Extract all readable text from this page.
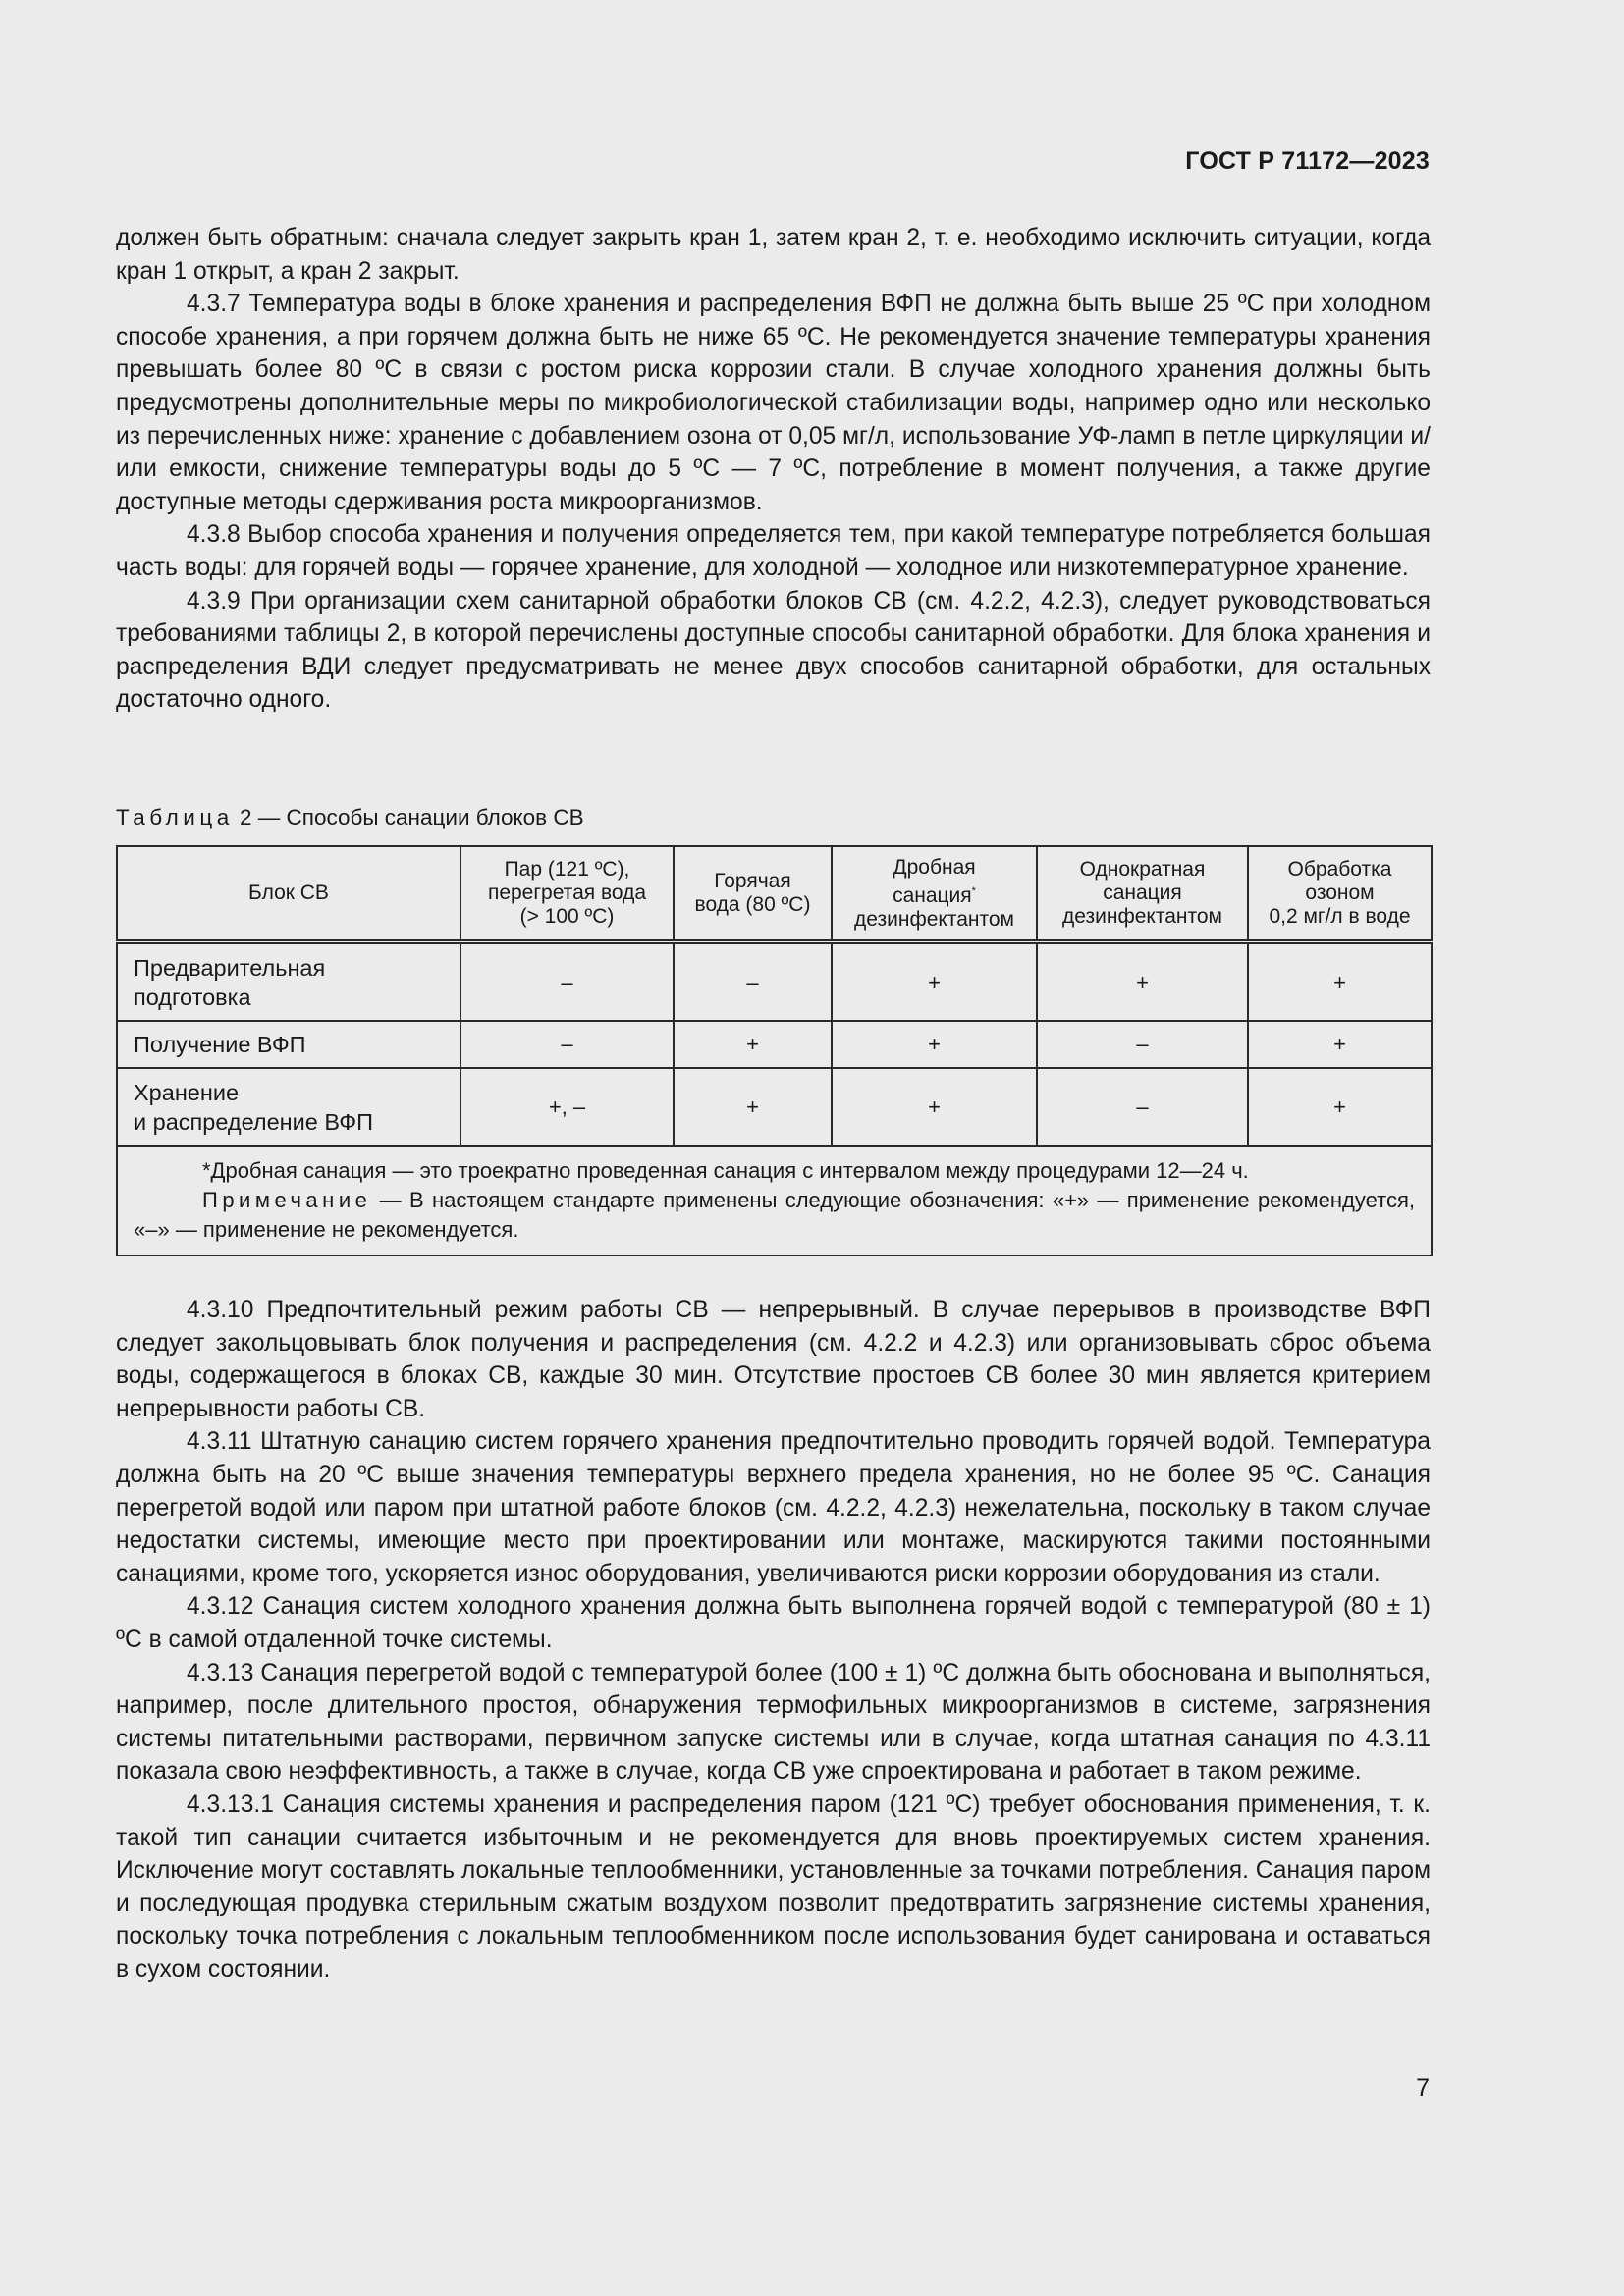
ГОСТ Р 71172—2023

должен быть обратным: сначала следует закрыть кран 1, затем кран 2, т. е. необходимо исключить ситуации, когда кран 1 открыт, а кран 2 закрыт.

4.3.7 Температура воды в блоке хранения и распределения ВФП не должна быть выше 25 ºС при холодном способе хранения, а при горячем должна быть не ниже 65 ºС. Не рекомендуется значение температуры хранения превышать более 80 ºС в связи с ростом риска коррозии стали. В случае холодного хранения должны быть предусмотрены дополнительные меры по микробиологической стабилизации воды, например одно или несколько из перечисленных ниже: хранение с добавлением озона от 0,05 мг/л, использование УФ-ламп в петле циркуляции и/или емкости, снижение температуры воды до 5 ºС — 7 ºС, потребление в момент получения, а также другие доступные методы сдерживания роста микроорганизмов.

4.3.8 Выбор способа хранения и получения определяется тем, при какой температуре потребляется большая часть воды: для горячей воды — горячее хранение, для холодной — холодное или низкотемпературное хранение.

4.3.9 При организации схем санитарной обработки блоков СВ (см. 4.2.2, 4.2.3), следует руководствоваться требованиями таблицы 2, в которой перечислены доступные способы санитарной обработки. Для блока хранения и распределения ВДИ следует предусматривать не менее двух способов санитарной обработки, для остальных достаточно одного.

Таблица 2 — Способы санации блоков СВ
Блок СВ	Пар (121 ºС),
перегретая вода
(> 100 ºС)	Горячая
вода (80 ºС)	Дробная
санация*
дезинфектантом	Однократная
санация
дезинфектантом	Обработка
озоном
0,2 мг/л в воде
Предварительная
подготовка	–	–	+	+	+
Получение ВФП	–	+	+	–	+
Хранение
и распределение ВФП	+, –	+	+	–	+

*Дробная санация — это троекратно проведенная санация с интервалом между процедурами 12—24 ч.

Примечание — В настоящем стандарте применены следующие обозначения: «+» — применение рекомендуется, «–» — применение не рекомендуется.					

4.3.10 Предпочтительный режим работы СВ — непрерывный. В случае перерывов в производстве ВФП следует закольцовывать блок получения и распределения (см. 4.2.2 и 4.2.3) или организовывать сброс объема воды, содержащегося в блоках СВ, каждые 30 мин. Отсутствие простоев СВ более 30 мин является критерием непрерывности работы СВ.

4.3.11 Штатную санацию систем горячего хранения предпочтительно проводить горячей водой. Температура должна быть на 20 ºС выше значения температуры верхнего предела хранения, но не более 95 ºС. Санация перегретой водой или паром при штатной работе блоков (см. 4.2.2, 4.2.3) нежелательна, поскольку в таком случае недостатки системы, имеющие место при проектировании или монтаже, маскируются такими постоянными санациями, кроме того, ускоряется износ оборудования, увеличиваются риски коррозии оборудования из стали.

4.3.12 Санация систем холодного хранения должна быть выполнена горячей водой с температурой (80 ± 1) ºС в самой отдаленной точке системы.

4.3.13 Санация перегретой водой с температурой более (100 ± 1) ºС должна быть обоснована и выполняться, например, после длительного простоя, обнаружения термофильных микроорганизмов в системе, загрязнения системы питательными растворами, первичном запуске системы или в случае, когда штатная санация по 4.3.11 показала свою неэффективность, а также в случае, когда СВ уже спроектирована и работает в таком режиме.

4.3.13.1 Санация системы хранения и распределения паром (121 ºС) требует обоснования применения, т. к. такой тип санации считается избыточным и не рекомендуется для вновь проектируемых систем хранения. Исключение могут составлять локальные теплообменники, установленные за точками потребления. Санация паром и последующая продувка стерильным сжатым воздухом позволит предотвратить загрязнение системы хранения, поскольку точка потребления с локальным теплообменником после использования будет санирована и оставаться в сухом состоянии.

7
